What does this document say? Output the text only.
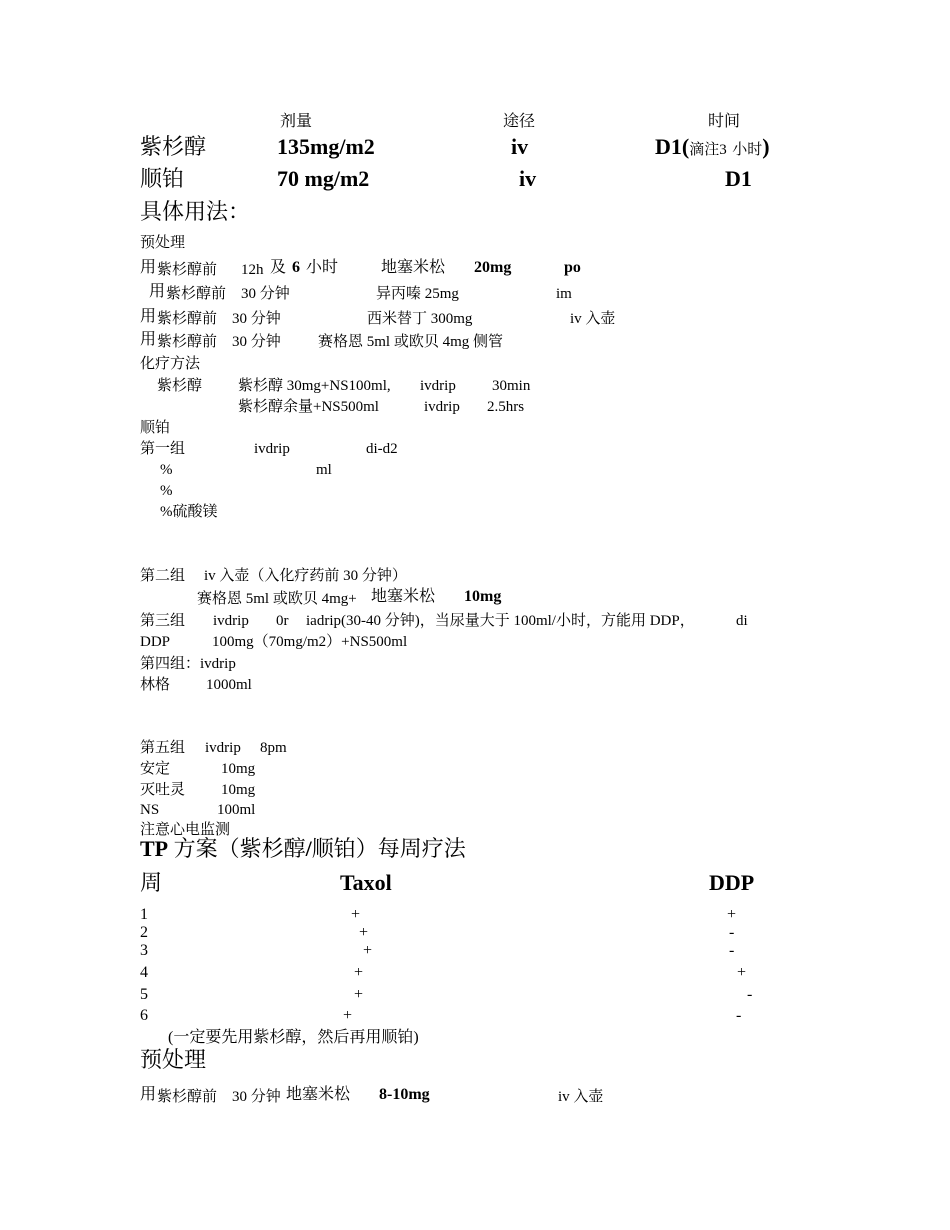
剂量	途径	时间
紫杉醇	135mg/m2	iv	D1(滴注3 小时)
顺铂	70 mg/m2	iv	D1
具体用法：
预处理
用 紫杉醇前 12h 及 6 小时	地塞米松 20mg	po
用 紫杉醇前 30 分钟	异丙嗪 25mg	im
用 紫杉醇前 30 分钟	西米替丁 300mg	iv 入壶
用 紫杉醇前 30 分钟 赛格恩 5ml 或欧贝 4mg 侧管
化疗方法
紫杉醇 紫杉醇 30mg+NS100ml, ivdrip 30min
紫杉醇余量+NS500ml	ivdrip 2.5hrs
顺铂
第一组	ivdrip	di-d2
%	ml
%
%硫酸镁
第二组 iv 入壶（入化疗药前 30 分钟）
赛格恩 5ml 或欧贝 4mg+ 地塞米松 10mg
第三组 ivdrip 0r iadrip(30-40 分钟)，当尿量大于 100ml/小时，方能用 DDP，	di
DDP	100mg（70mg/m2）+NS500ml
第四组：ivdrip
林格 1000ml
第五组 ivdrip 8pm
安定	10mg
灭吐灵 10mg
NS	100ml
注意心电监测
TP 方案（紫杉醇/顺铂）每周疗法
周	Taxol	DDP
1	+	+
2	+	-
3	+	-
4	+	+
5	+	-
6	+	-
(一定要先用紫杉醇，然后再用顺铂)
预处理
用 紫杉醇前 30 分钟 地塞米松 8-10mg	iv 入壶
